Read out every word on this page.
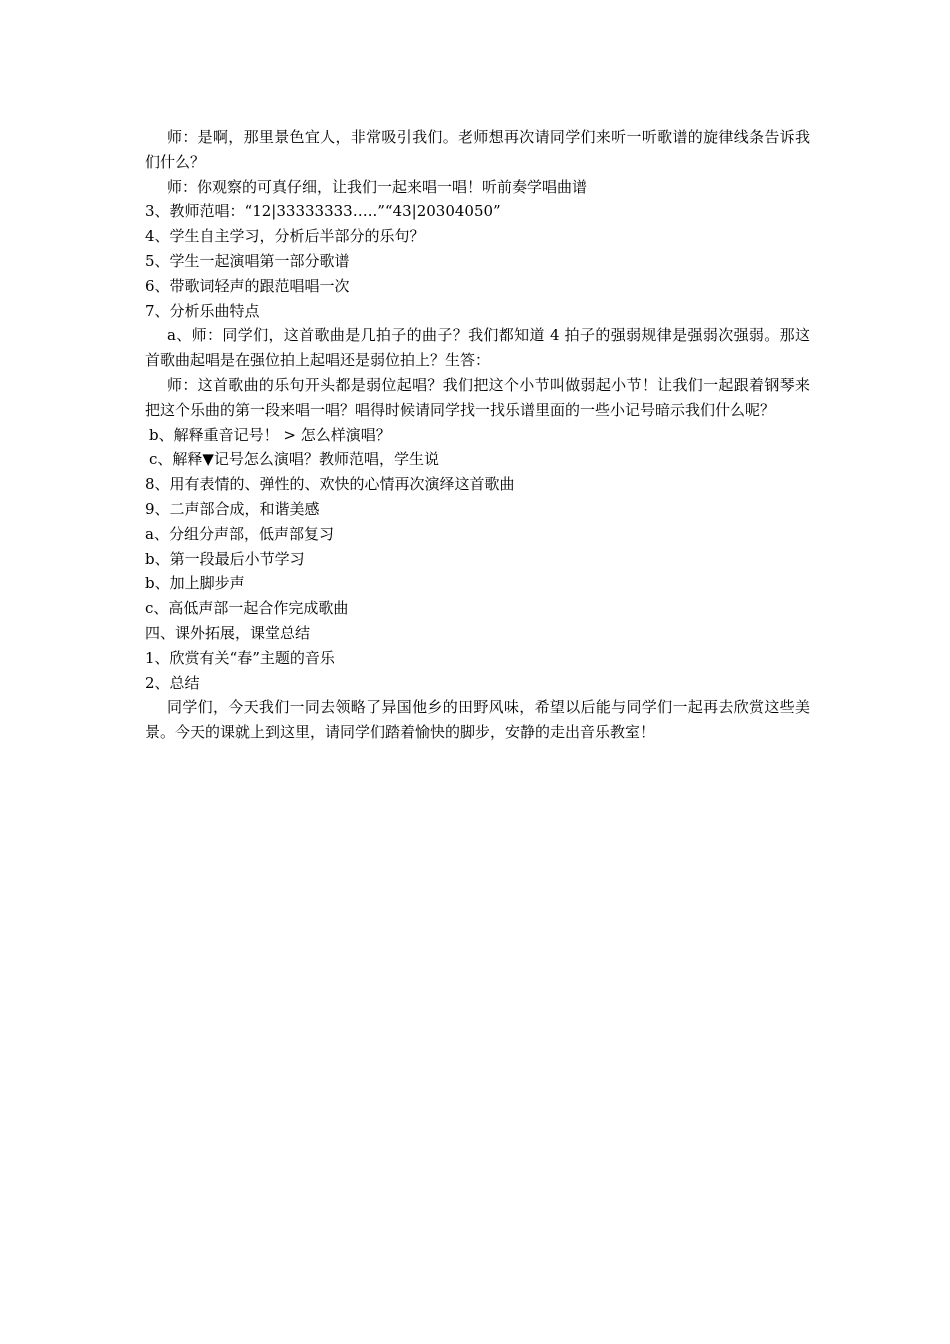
师：是啊，那里景色宜人，非常吸引我们。老师想再次请同学们来听一听歌谱的旋律线条告诉我们什么？
师：你观察的可真仔细，让我们一起来唱一唱！听前奏学唱曲谱
3、教师范唱：“12|33333333…..”“43|20304050”
4、学生自主学习，分析后半部分的乐句？
5、学生一起演唱第一部分歌谱
6、带歌词轻声的跟范唱唱一次
7、分析乐曲特点
a、师：同学们，这首歌曲是几拍子的曲子？我们都知道 4 拍子的强弱规律是强弱次强弱。那这首歌曲起唱是在强位拍上起唱还是弱位拍上？生答：
师：这首歌曲的乐句开头都是弱位起唱？我们把这个小节叫做弱起小节！让我们一起跟着钢琴来把这个乐曲的第一段来唱一唱？唱得时候请同学找一找乐谱里面的一些小记号暗示我们什么呢？
b、解释重音记号！ > 怎么样演唱？
c、解释▼记号怎么演唱？教师范唱，学生说
8、用有表情的、弹性的、欢快的心情再次演绎这首歌曲
9、二声部合成，和谐美感
a、分组分声部，低声部复习
b、第一段最后小节学习
b、加上脚步声
c、高低声部一起合作完成歌曲
四、课外拓展，课堂总结
1、欣赏有关“春”主题的音乐
2、总结
同学们，今天我们一同去领略了异国他乡的田野风味，希望以后能与同学们一起再去欣赏这些美景。今天的课就上到这里，请同学们踏着愉快的脚步，安静的走出音乐教室！
